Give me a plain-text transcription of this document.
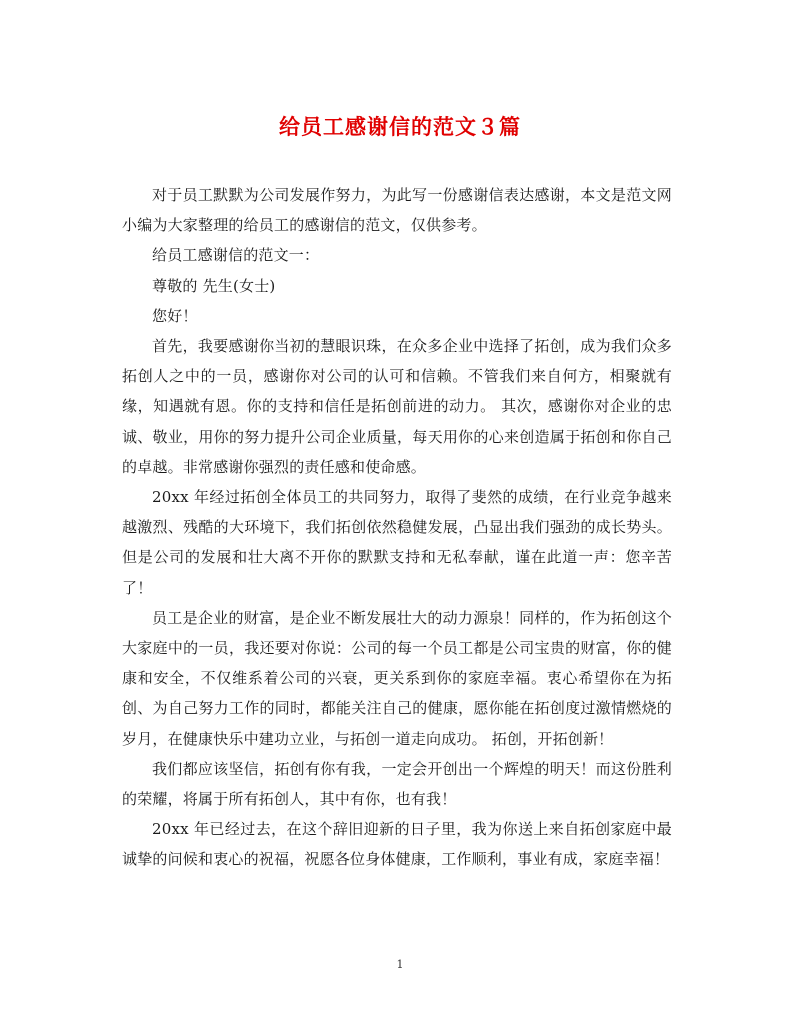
给员工感谢信的范文３篇

对于员工默默为公司发展作努力，为此写一份感谢信表达感谢，本文是范文网小编为大家整理的给员工的感谢信的范文，仅供参考。

给员工感谢信的范文一：

尊敬的 先生(女士)

您好！

首先，我要感谢你当初的慧眼识珠，在众多企业中选择了拓创，成为我们众多拓创人之中的一员，感谢你对公司的认可和信赖。不管我们来自何方，相聚就有缘，知遇就有恩。你的支持和信任是拓创前进的动力。 其次，感谢你对企业的忠诚、敬业，用你的努力提升公司企业质量，每天用你的心来创造属于拓创和你自己的卓越。非常感谢你强烈的责任感和使命感。

20xx 年经过拓创全体员工的共同努力，取得了斐然的成绩，在行业竞争越来越激烈、残酷的大环境下，我们拓创依然稳健发展，凸显出我们强劲的成长势头。但是公司的发展和壮大离不开你的默默支持和无私奉献，谨在此道一声：您辛苦了！

员工是企业的财富，是企业不断发展壮大的动力源泉！同样的，作为拓创这个大家庭中的一员，我还要对你说：公司的每一个员工都是公司宝贵的财富，你的健康和安全，不仅维系着公司的兴衰，更关系到你的家庭幸福。衷心希望你在为拓创、为自己努力工作的同时，都能关注自己的健康，愿你能在拓创度过激情燃烧的岁月，在健康快乐中建功立业，与拓创一道走向成功。 拓创，开拓创新！

我们都应该坚信，拓创有你有我，一定会开创出一个辉煌的明天！而这份胜利的荣耀，将属于所有拓创人，其中有你，也有我！

20xx 年已经过去，在这个辞旧迎新的日子里，我为你送上来自拓创家庭中最诚挚的问候和衷心的祝福，祝愿各位身体健康，工作顺利，事业有成，家庭幸福！

1
